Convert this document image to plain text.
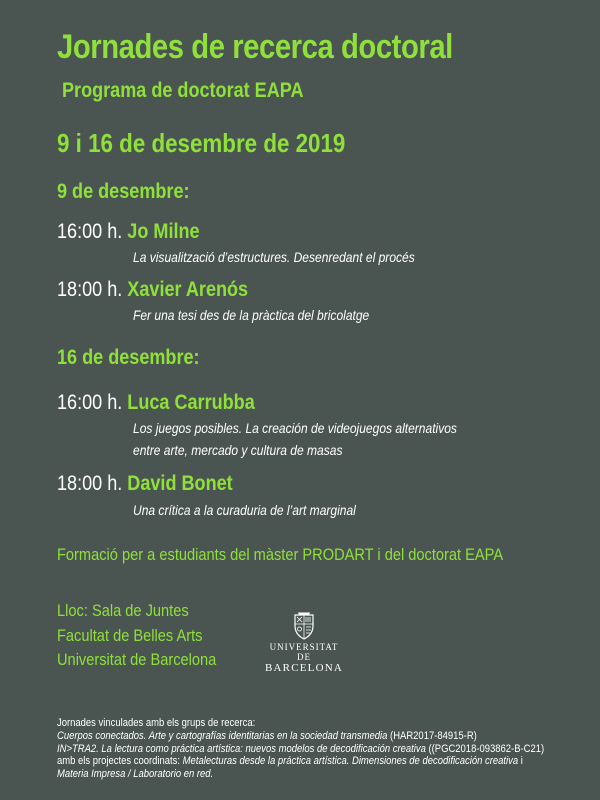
Jornades de recerca doctoral
Programa de doctorat EAPA
9 i 16 de desembre de 2019
9 de desembre:
16:00 h. Jo Milne
La visualització d’estructures. Desenredant el procés
18:00 h. Xavier Arenós
Fer una tesi des de la pràctica del bricolatge
16 de desembre:
16:00 h. Luca Carrubba
Los juegos posibles. La creación de videojuegos alternativos
entre arte, mercado y cultura de masas
18:00 h. David Bonet
Una crítica a la curaduria de l’art marginal
Formació per a estudiants del màster PRODART i del doctorat EAPA
Lloc: Sala de Juntes
Facultat de Belles Arts
Universitat de Barcelona
UNIVERSITAT DE
BARCELONA
Jornades vinculades amb els grups de recerca:
Cuerpos conectados. Arte y cartografías identitarias en la sociedad transmedia (HAR2017-84915-R)
IN>TRA2. La lectura como práctica artística: nuevos modelos de decodificación creativa ((PGC2018-093862-B-C21)
amb els projectes coordinats: Metalecturas desde la práctica artística. Dimensiones de decodificación creativa i
Materia Impresa / Laboratorio en red.
